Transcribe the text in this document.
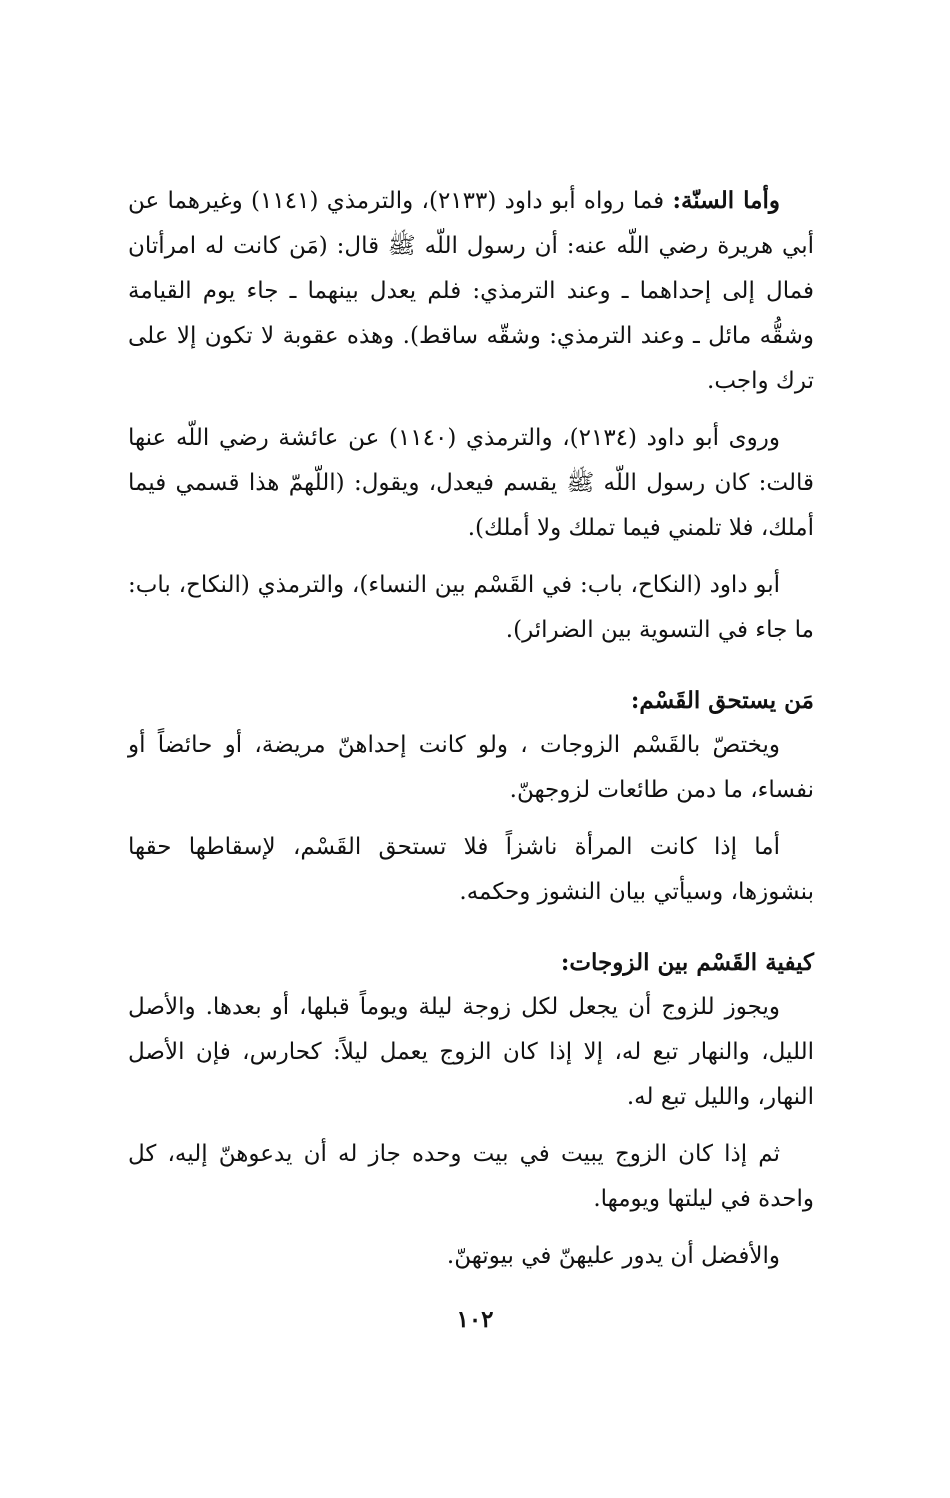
وأما السنّة: فما رواه أبو داود (٢١٣٣)، والترمذي (١١٤١) وغيرهما عن أبي هريرة رضي اللّه عنه: أن رسول اللّه ﷺ قال: (مَن كانت له امرأتان فمال إلى إحداهما ـ وعند الترمذي: فلم يعدل بينهما ـ جاء يوم القيامة وشقُّه مائل ـ وعند الترمذي: وشقّه ساقط). وهذه عقوبة لا تكون إلا على ترك واجب.

وروى أبو داود (٢١٣٤)، والترمذي (١١٤٠) عن عائشة رضي اللّه عنها قالت: كان رسول اللّه ﷺ يقسم فيعدل، ويقول: (اللّهمّ هذا قسمي فيما أملك، فلا تلمني فيما تملك ولا أملك).

أبو داود (النكاح، باب: في القَسْم بين النساء)، والترمذي (النكاح، باب: ما جاء في التسوية بين الضرائر).

مَن يستحق القَسْم:

ويختصّ بالقَسْم الزوجات ، ولو كانت إحداهنّ مريضة، أو حائضاً أو نفساء، ما دمن طائعات لزوجهنّ.

أما إذا كانت المرأة ناشزاً فلا تستحق القَسْم، لإسقاطها حقها بنشوزها، وسيأتي بيان النشوز وحكمه.

كيفية القَسْم بين الزوجات:

ويجوز للزوج أن يجعل لكل زوجة ليلة ويوماً قبلها، أو بعدها. والأصل الليل، والنهار تبع له، إلا إذا كان الزوج يعمل ليلاً: كحارس، فإن الأصل النهار، والليل تبع له.

ثم إذا كان الزوج يبيت في بيت وحده جاز له أن يدعوهنّ إليه، كل واحدة في ليلتها ويومها.

والأفضل أن يدور عليهنّ في بيوتهنّ.

١٠٢
